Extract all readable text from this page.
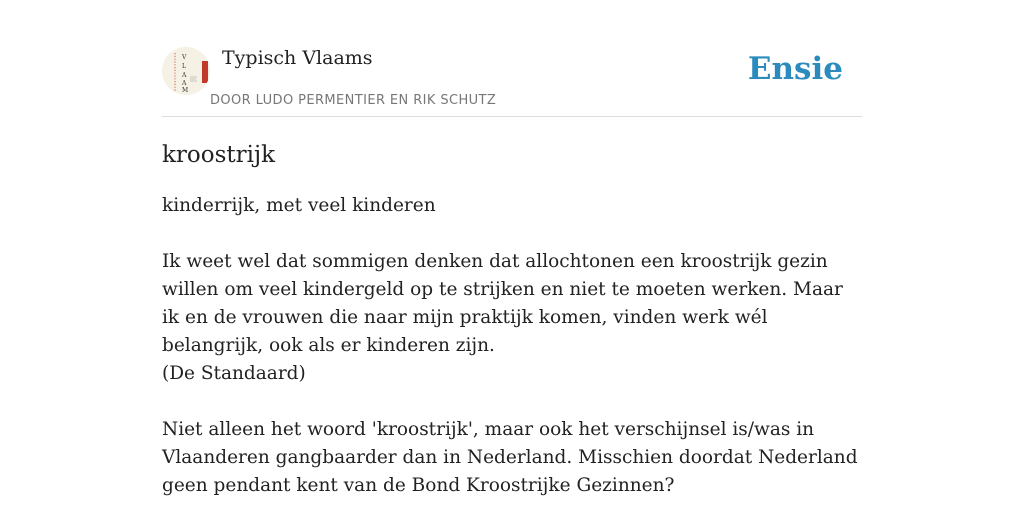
V
L
A
A
M
Typisch Vlaams
DOOR LUDO PERMENTIER EN RIK SCHUTZ
Ensie
kroostrijk

kinderrijk, met veel kinderen

Ik weet wel dat sommigen denken dat allochtonen een kroostrijk gezin willen om veel kindergeld op te strijken en niet te moeten werken. Maar ik en de vrouwen die naar mijn praktijk komen, vinden werk wél belangrijk, ook als er kinderen zijn.
(De Standaard)

Niet alleen het woord 'kroostrijk', maar ook het verschijnsel is/was in Vlaanderen gangbaarder dan in Nederland. Misschien doordat Nederland geen pendant kent van de Bond Kroostrijke Gezinnen?
